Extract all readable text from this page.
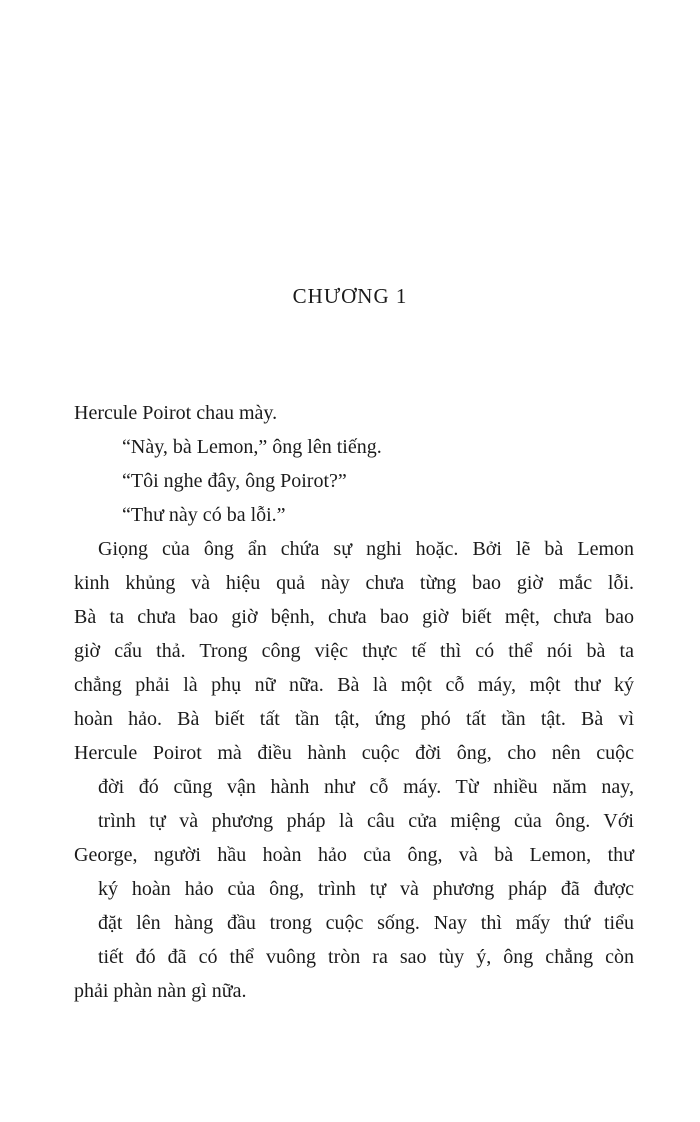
CHƯƠNG 1

Hercule Poirot chau mày.

“Này, bà Lemon,” ông lên tiếng.

“Tôi nghe đây, ông Poirot?”

“Thư này có ba lỗi.”

Giọng của ông ẩn chứa sự nghi hoặc. Bởi lẽ bà Lemon
kinh khủng và hiệu quả này chưa từng bao giờ mắc lỗi.
Bà ta chưa bao giờ bệnh, chưa bao giờ biết mệt, chưa bao
giờ cẩu thả. Trong công việc thực tế thì có thể nói bà ta
chẳng phải là phụ nữ nữa. Bà là một cỗ máy, một thư ký
hoàn hảo. Bà biết tất tần tật, ứng phó tất tần tật. Bà vì
Hercule Poirot mà điều hành cuộc đời ông, cho nên cuộc
đời đó cũng vận hành như cỗ máy. Từ nhiều năm nay,
trình tự và phương pháp là câu cửa miệng của ông. Với
George, người hầu hoàn hảo của ông, và bà Lemon, thư
ký hoàn hảo của ông, trình tự và phương pháp đã được
đặt lên hàng đầu trong cuộc sống. Nay thì mấy thứ tiểu
tiết đó đã có thể vuông tròn ra sao tùy ý, ông chẳng còn
phải phàn nàn gì nữa.
